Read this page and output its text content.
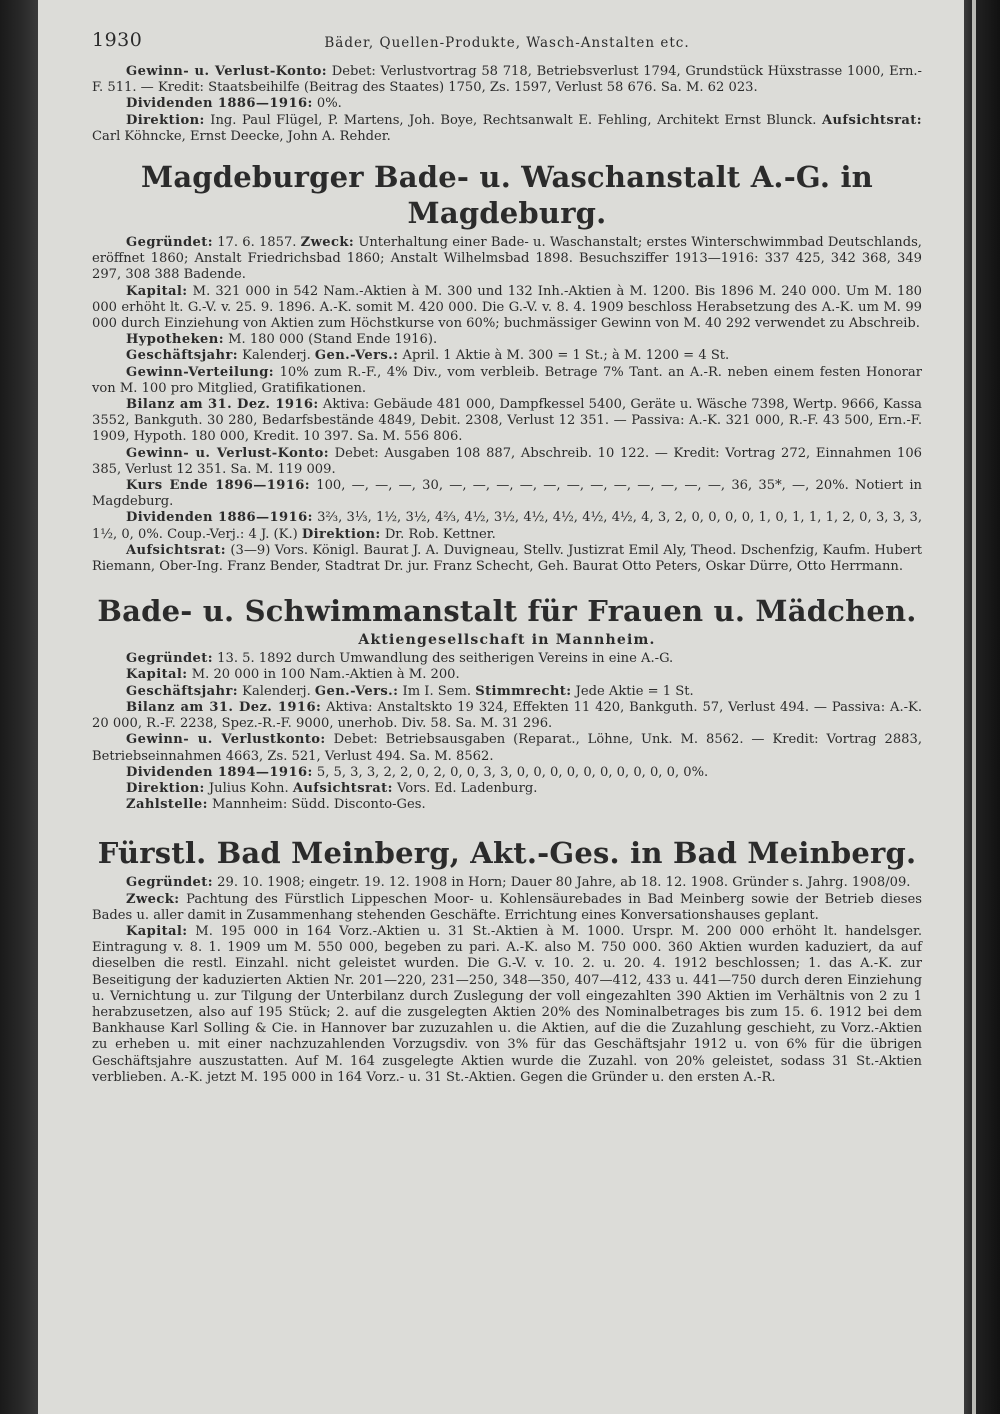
1930	Bäder, Quellen-Produkte, Wasch-Anstalten etc.

Gewinn- u. Verlust-Konto: Debet: Verlustvortrag 58 718, Betriebsverlust 1794, Grundstück Hüxstrasse 1000, Ern.-F. 511. — Kredit: Staatsbeihilfe (Beitrag des Staates) 1750, Zs. 1597, Verlust 58 676. Sa. M. 62 023.

Dividenden 1886—1916: 0%.

Direktion: Ing. Paul Flügel, P. Martens, Joh. Boye, Rechtsanwalt E. Fehling, Architekt Ernst Blunck. Aufsichtsrat: Carl Köhncke, Ernst Deecke, John A. Rehder.

Magdeburger Bade- u. Waschanstalt A.-G. in Magdeburg.

Gegründet: 17. 6. 1857. Zweck: Unterhaltung einer Bade- u. Waschanstalt; erstes Winterschwimmbad Deutschlands, eröffnet 1860; Anstalt Friedrichsbad 1860; Anstalt Wilhelmsbad 1898. Besuchsziffer 1913—1916: 337 425, 342 368, 349 297, 308 388 Badende.

Kapital: M. 321 000 in 542 Nam.-Aktien à M. 300 und 132 Inh.-Aktien à M. 1200. Bis 1896 M. 240 000. Um M. 180 000 erhöht lt. G.-V. v. 25. 9. 1896. A.-K. somit M. 420 000. Die G.-V. v. 8. 4. 1909 beschloss Herabsetzung des A.-K. um M. 99 000 durch Einziehung von Aktien zum Höchstkurse von 60%; buchmässiger Gewinn von M. 40 292 verwendet zu Abschreib.

Hypotheken: M. 180 000 (Stand Ende 1916).

Geschäftsjahr: Kalenderj. Gen.-Vers.: April. 1 Aktie à M. 300 = 1 St.; à M. 1200 = 4 St.

Gewinn-Verteilung: 10% zum R.-F., 4% Div., vom verbleib. Betrage 7% Tant. an A.-R. neben einem festen Honorar von M. 100 pro Mitglied, Gratifikationen.

Bilanz am 31. Dez. 1916: Aktiva: Gebäude 481 000, Dampfkessel 5400, Geräte u. Wäsche 7398, Wertp. 9666, Kassa 3552, Bankguth. 30 280, Bedarfsbestände 4849, Debit. 2308, Verlust 12 351. — Passiva: A.-K. 321 000, R.-F. 43 500, Ern.-F. 1909, Hypoth. 180 000, Kredit. 10 397. Sa. M. 556 806.

Gewinn- u. Verlust-Konto: Debet: Ausgaben 108 887, Abschreib. 10 122. — Kredit: Vortrag 272, Einnahmen 106 385, Verlust 12 351. Sa. M. 119 009.

Kurs Ende 1896—1916: 100, —, —, —, 30, —, —, —, —, —, —, —, —, —, —, —, —, 36, 35*, —, 20%. Notiert in Magdeburg.

Dividenden 1886—1916: 3⅔, 3⅓, 1½, 3½, 4⅔, 4½, 3½, 4½, 4½, 4½, 4½, 4, 3, 2, 0, 0, 0, 0, 1, 0, 1, 1, 1, 2, 0, 3, 3, 3, 1½, 0, 0%. Coup.-Verj.: 4 J. (K.) Direktion: Dr. Rob. Kettner.

Aufsichtsrat: (3—9) Vors. Königl. Baurat J. A. Duvigneau, Stellv. Justizrat Emil Aly, Theod. Dschenfzig, Kaufm. Hubert Riemann, Ober-Ing. Franz Bender, Stadtrat Dr. jur. Franz Schecht, Geh. Baurat Otto Peters, Oskar Dürre, Otto Herrmann.

Bade- u. Schwimmanstalt für Frauen u. Mädchen.
Aktiengesellschaft in Mannheim.

Gegründet: 13. 5. 1892 durch Umwandlung des seitherigen Vereins in eine A.-G.

Kapital: M. 20 000 in 100 Nam.-Aktien à M. 200.

Geschäftsjahr: Kalenderj. Gen.-Vers.: Im I. Sem. Stimmrecht: Jede Aktie = 1 St.

Bilanz am 31. Dez. 1916: Aktiva: Anstaltskto 19 324, Effekten 11 420, Bankguth. 57, Verlust 494. — Passiva: A.-K. 20 000, R.-F. 2238, Spez.-R.-F. 9000, unerhob. Div. 58. Sa. M. 31 296.

Gewinn- u. Verlustkonto: Debet: Betriebsausgaben (Reparat., Löhne, Unk. M. 8562. — Kredit: Vortrag 2883, Betriebseinnahmen 4663, Zs. 521, Verlust 494. Sa. M. 8562.

Dividenden 1894—1916: 5, 5, 3, 3, 2, 2, 0, 2, 0, 0, 3, 3, 0, 0, 0, 0, 0, 0, 0, 0, 0, 0, 0%.

Direktion: Julius Kohn. Aufsichtsrat: Vors. Ed. Ladenburg.

Zahlstelle: Mannheim: Südd. Disconto-Ges.

Fürstl. Bad Meinberg, Akt.-Ges. in Bad Meinberg.

Gegründet: 29. 10. 1908; eingetr. 19. 12. 1908 in Horn; Dauer 80 Jahre, ab 18. 12. 1908. Gründer s. Jahrg. 1908/09.

Zweck: Pachtung des Fürstlich Lippeschen Moor- u. Kohlensäurebades in Bad Meinberg sowie der Betrieb dieses Bades u. aller damit in Zusammenhang stehenden Geschäfte. Errichtung eines Konversationshauses geplant.

Kapital: M. 195 000 in 164 Vorz.-Aktien u. 31 St.-Aktien à M. 1000. Urspr. M. 200 000 erhöht lt. handelsger. Eintragung v. 8. 1. 1909 um M. 550 000, begeben zu pari. A.-K. also M. 750 000. 360 Aktien wurden kaduziert, da auf dieselben die restl. Einzahl. nicht geleistet wurden. Die G.-V. v. 10. 2. u. 20. 4. 1912 beschlossen; 1. das A.-K. zur Beseitigung der kaduzierten Aktien Nr. 201—220, 231—250, 348—350, 407—412, 433 u. 441—750 durch deren Einziehung u. Vernichtung u. zur Tilgung der Unterbilanz durch Zuslegung der voll eingezahlten 390 Aktien im Verhältnis von 2 zu 1 herabzusetzen, also auf 195 Stück; 2. auf die zusgelegten Aktien 20% des Nominalbetrages bis zum 15. 6. 1912 bei dem Bankhause Karl Solling & Cie. in Hannover bar zuzuzahlen u. die Aktien, auf die die Zuzahlung geschieht, zu Vorz.-Aktien zu erheben u. mit einer nachzuzahlenden Vorzugsdiv. von 3% für das Geschäftsjahr 1912 u. von 6% für die übrigen Geschäftsjahre auszustatten. Auf M. 164 zusgelegte Aktien wurde die Zuzahl. von 20% geleistet, sodass 31 St.-Aktien verblieben. A.-K. jetzt M. 195 000 in 164 Vorz.- u. 31 St.-Aktien. Gegen die Gründer u. den ersten A.-R.
